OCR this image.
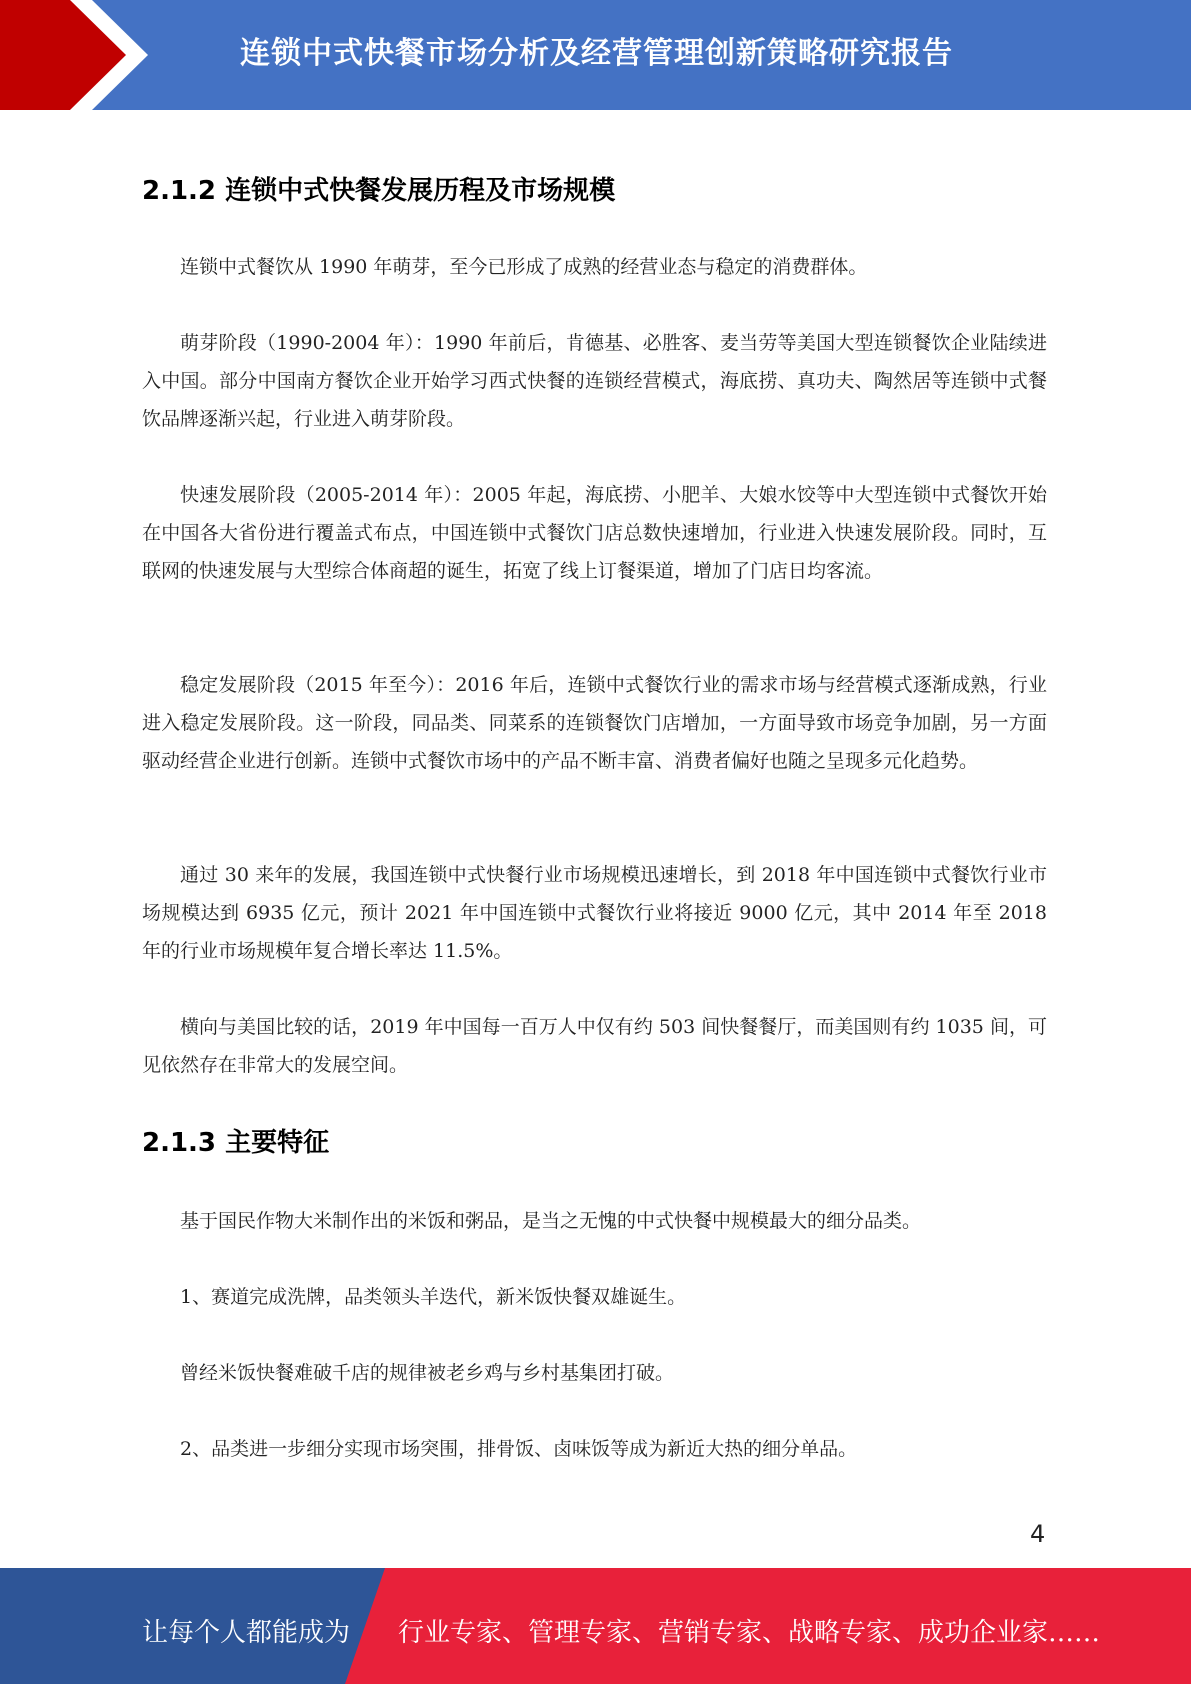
连锁中式快餐市场分析及经营管理创新策略研究报告
2.1.2 连锁中式快餐发展历程及市场规模
连锁中式餐饮从 1990 年萌芽，至今已形成了成熟的经营业态与稳定的消费群体。
萌芽阶段（1990-2004 年）：1990 年前后，肯德基、必胜客、麦当劳等美国大型连锁餐饮企业陆续进入中国。部分中国南方餐饮企业开始学习西式快餐的连锁经营模式，海底捞、真功夫、陶然居等连锁中式餐饮品牌逐渐兴起，行业进入萌芽阶段。
快速发展阶段（2005-2014 年）：2005 年起，海底捞、小肥羊、大娘水饺等中大型连锁中式餐饮开始在中国各大省份进行覆盖式布点，中国连锁中式餐饮门店总数快速增加，行业进入快速发展阶段。同时，互联网的快速发展与大型综合体商超的诞生，拓宽了线上订餐渠道，增加了门店日均客流。
稳定发展阶段（2015 年至今）：2016 年后，连锁中式餐饮行业的需求市场与经营模式逐渐成熟，行业进入稳定发展阶段。这一阶段，同品类、同菜系的连锁餐饮门店增加，一方面导致市场竞争加剧，另一方面驱动经营企业进行创新。连锁中式餐饮市场中的产品不断丰富、消费者偏好也随之呈现多元化趋势。
通过 30 来年的发展，我国连锁中式快餐行业市场规模迅速增长，到 2018 年中国连锁中式餐饮行业市场规模达到 6935 亿元，预计 2021 年中国连锁中式餐饮行业将接近 9000 亿元，其中 2014 年至 2018 年的行业市场规模年复合增长率达 11.5%。
横向与美国比较的话，2019 年中国每一百万人中仅有约 503 间快餐餐厅，而美国则有约 1035 间，可见依然存在非常大的发展空间。
2.1.3 主要特征
基于国民作物大米制作出的米饭和粥品，是当之无愧的中式快餐中规模最大的细分品类。
1、赛道完成洗牌，品类领头羊迭代，新米饭快餐双雄诞生。
曾经米饭快餐难破千店的规律被老乡鸡与乡村基集团打破。
2、品类进一步细分实现市场突围，排骨饭、卤味饭等成为新近大热的细分单品。
4
让每个人都能成为 行业专家、管理专家、营销专家、战略专家、成功企业家……
